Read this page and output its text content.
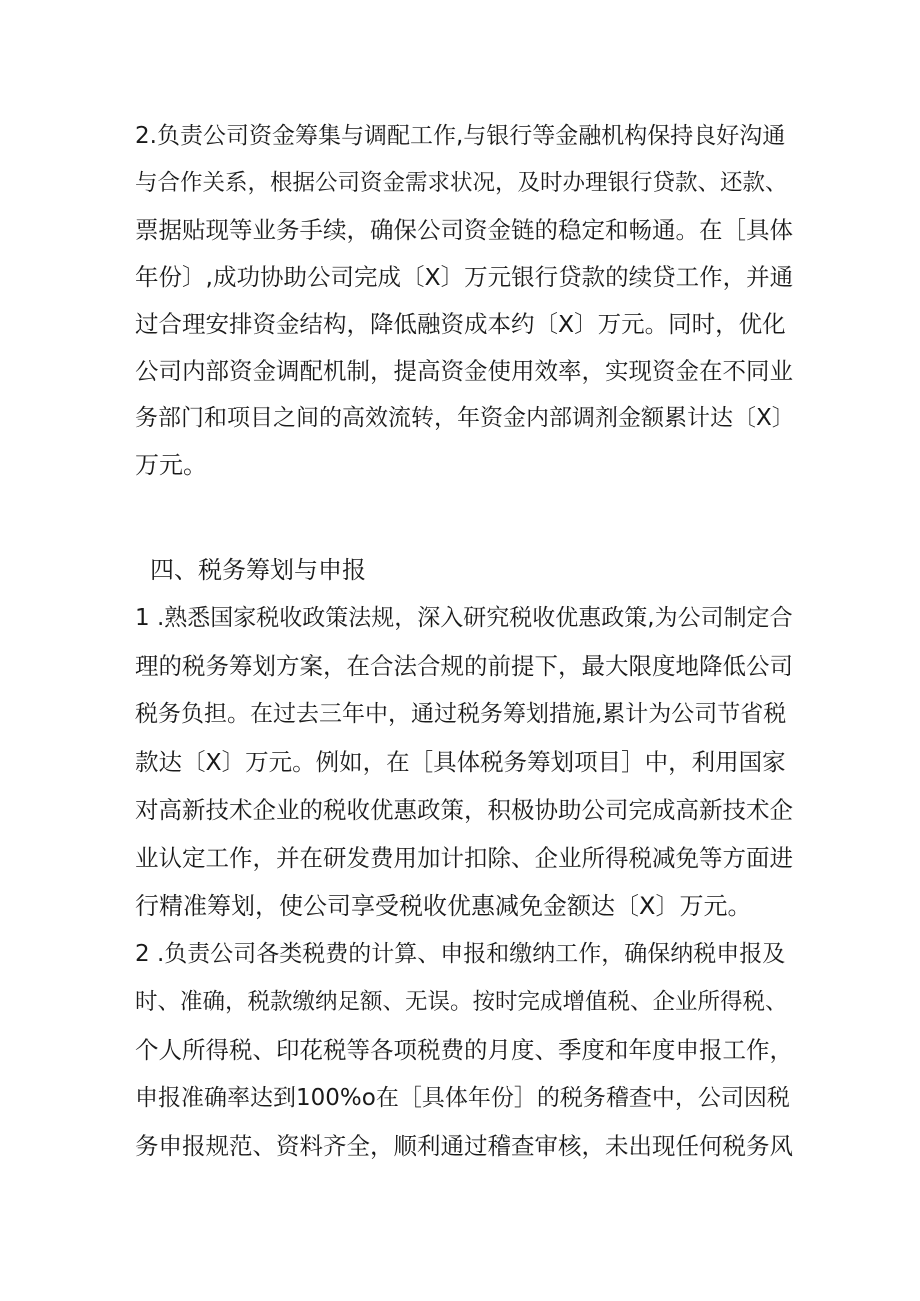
2.负责公司资金筹集与调配工作,与银行等金融机构保持良好沟通
与合作关系，根据公司资金需求状况，及时办理银行贷款、还款、
票据贴现等业务手续，确保公司资金链的稳定和畅通。在［具体
年份〕,成功协助公司完成〔X〕万元银行贷款的续贷工作，并通
过合理安排资金结构，降低融资成本约〔X〕万元。同时，优化
公司内部资金调配机制，提高资金使用效率，实现资金在不同业
务部门和项目之间的高效流转，年资金内部调剂金额累计达〔X〕
万元。
四、税务筹划与申报
1 .熟悉国家税收政策法规，深入研究税收优惠政策,为公司制定合
理的税务筹划方案，在合法合规的前提下，最大限度地降低公司
税务负担。在过去三年中，通过税务筹划措施,累计为公司节省税
款达〔X〕万元。例如，在［具体税务筹划项目］中，利用国家
对高新技术企业的税收优惠政策，积极协助公司完成高新技术企
业认定工作，并在研发费用加计扣除、企业所得税减免等方面进
行精准筹划，使公司享受税收优惠减免金额达〔X〕万元。
2 .负责公司各类税费的计算、申报和缴纳工作，确保纳税申报及
时、准确，税款缴纳足额、无误。按时完成增值税、企业所得税、
个人所得税、印花税等各项税费的月度、季度和年度申报工作，
申报准确率达到100%o在［具体年份］的税务稽查中，公司因税
务申报规范、资料齐全，顺利通过稽查审核，未出现任何税务风
